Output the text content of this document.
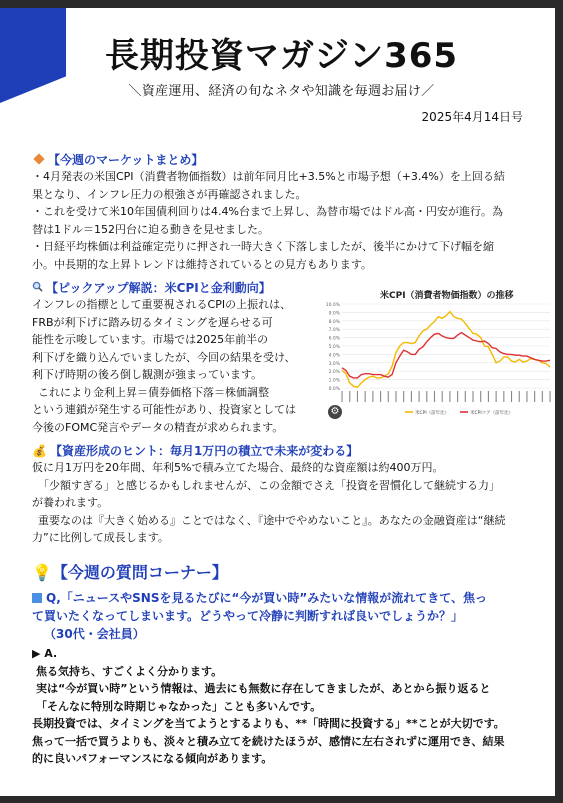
長期投資マガジン365
＼資産運用、経済の旬なネタや知識を毎週お届け／
2025年4月14日号
【今週のマーケットまとめ】
・4月発表の米国CPI（消費者物価指数）は前年同月比+3.5%と市場予想（+3.4%）を上回る結
果となり、インフレ圧力の根強さが再確認されました。
・これを受けて米10年国債利回りは4.4%台まで上昇し、為替市場ではドル高・円安が進行。為
替は1ドル＝152円台に迫る動きを見せました。
・日経平均株価は利益確定売りに押され一時大きく下落しましたが、後半にかけて下げ幅を縮
小。中長期的な上昇トレンドは維持されているとの見方もあります。
【ピックアップ解説：米CPIと金利動向】
インフレの指標として重要視されるCPIの上振れは、
FRBが利下げに踏み切るタイミングを遅らせる可
能性を示唆しています。市場では2025年前半の
利下げを織り込んでいましたが、今回の結果を受け、
利下げ時期の後ろ倒し観測が強まっています。
これにより金利上昇＝債券価格下落＝株価調整
という連鎖が発生する可能性があり、投資家としては
今後のFOMC発言やデータの精査が求められます。
米CPI（消費者物価指数）の推移
10.0%
9.0%
8.0%
7.0%
6.0%
5.0%
4.0%
3.0%
2.0%
1.0%
0.0%
米CPI（前年比）	米CPIコア（前年比）
⚙
💰 【資産形成のヒント：毎月1万円の積立で未来が変わる】
仮に月1万円を20年間、年利5%で積み立てた場合、最終的な資産額は約400万円。
「少額すぎる」と感じるかもしれませんが、この金額でさえ「投資を習慣化して継続する力」
が養われます。
重要なのは『大きく始める』ことではなく、『途中でやめないこと』。あなたの金融資産は“継続
力”に比例して成長します。
💡【今週の質問コーナー】
Q,「ニュースやSNSを見るたびに“今が買い時”みたいな情報が流れてきて、焦っ
て買いたくなってしまいます。どうやって冷静に判断すれば良いでしょうか？」
（30代・会社員）
▶ A.
焦る気持ち、すごくよく分かります。
実は“今が買い時”という情報は、過去にも無数に存在してきましたが、あとから振り返ると
「そんなに特別な時期じゃなかった」ことも多いんです。
長期投資では、タイミングを当てようとするよりも、**「時間に投資する」**ことが大切です。
焦って一括で買うよりも、淡々と積み立てを続けたほうが、感情に左右されずに運用でき、結果
的に良いパフォーマンスになる傾向があります。
